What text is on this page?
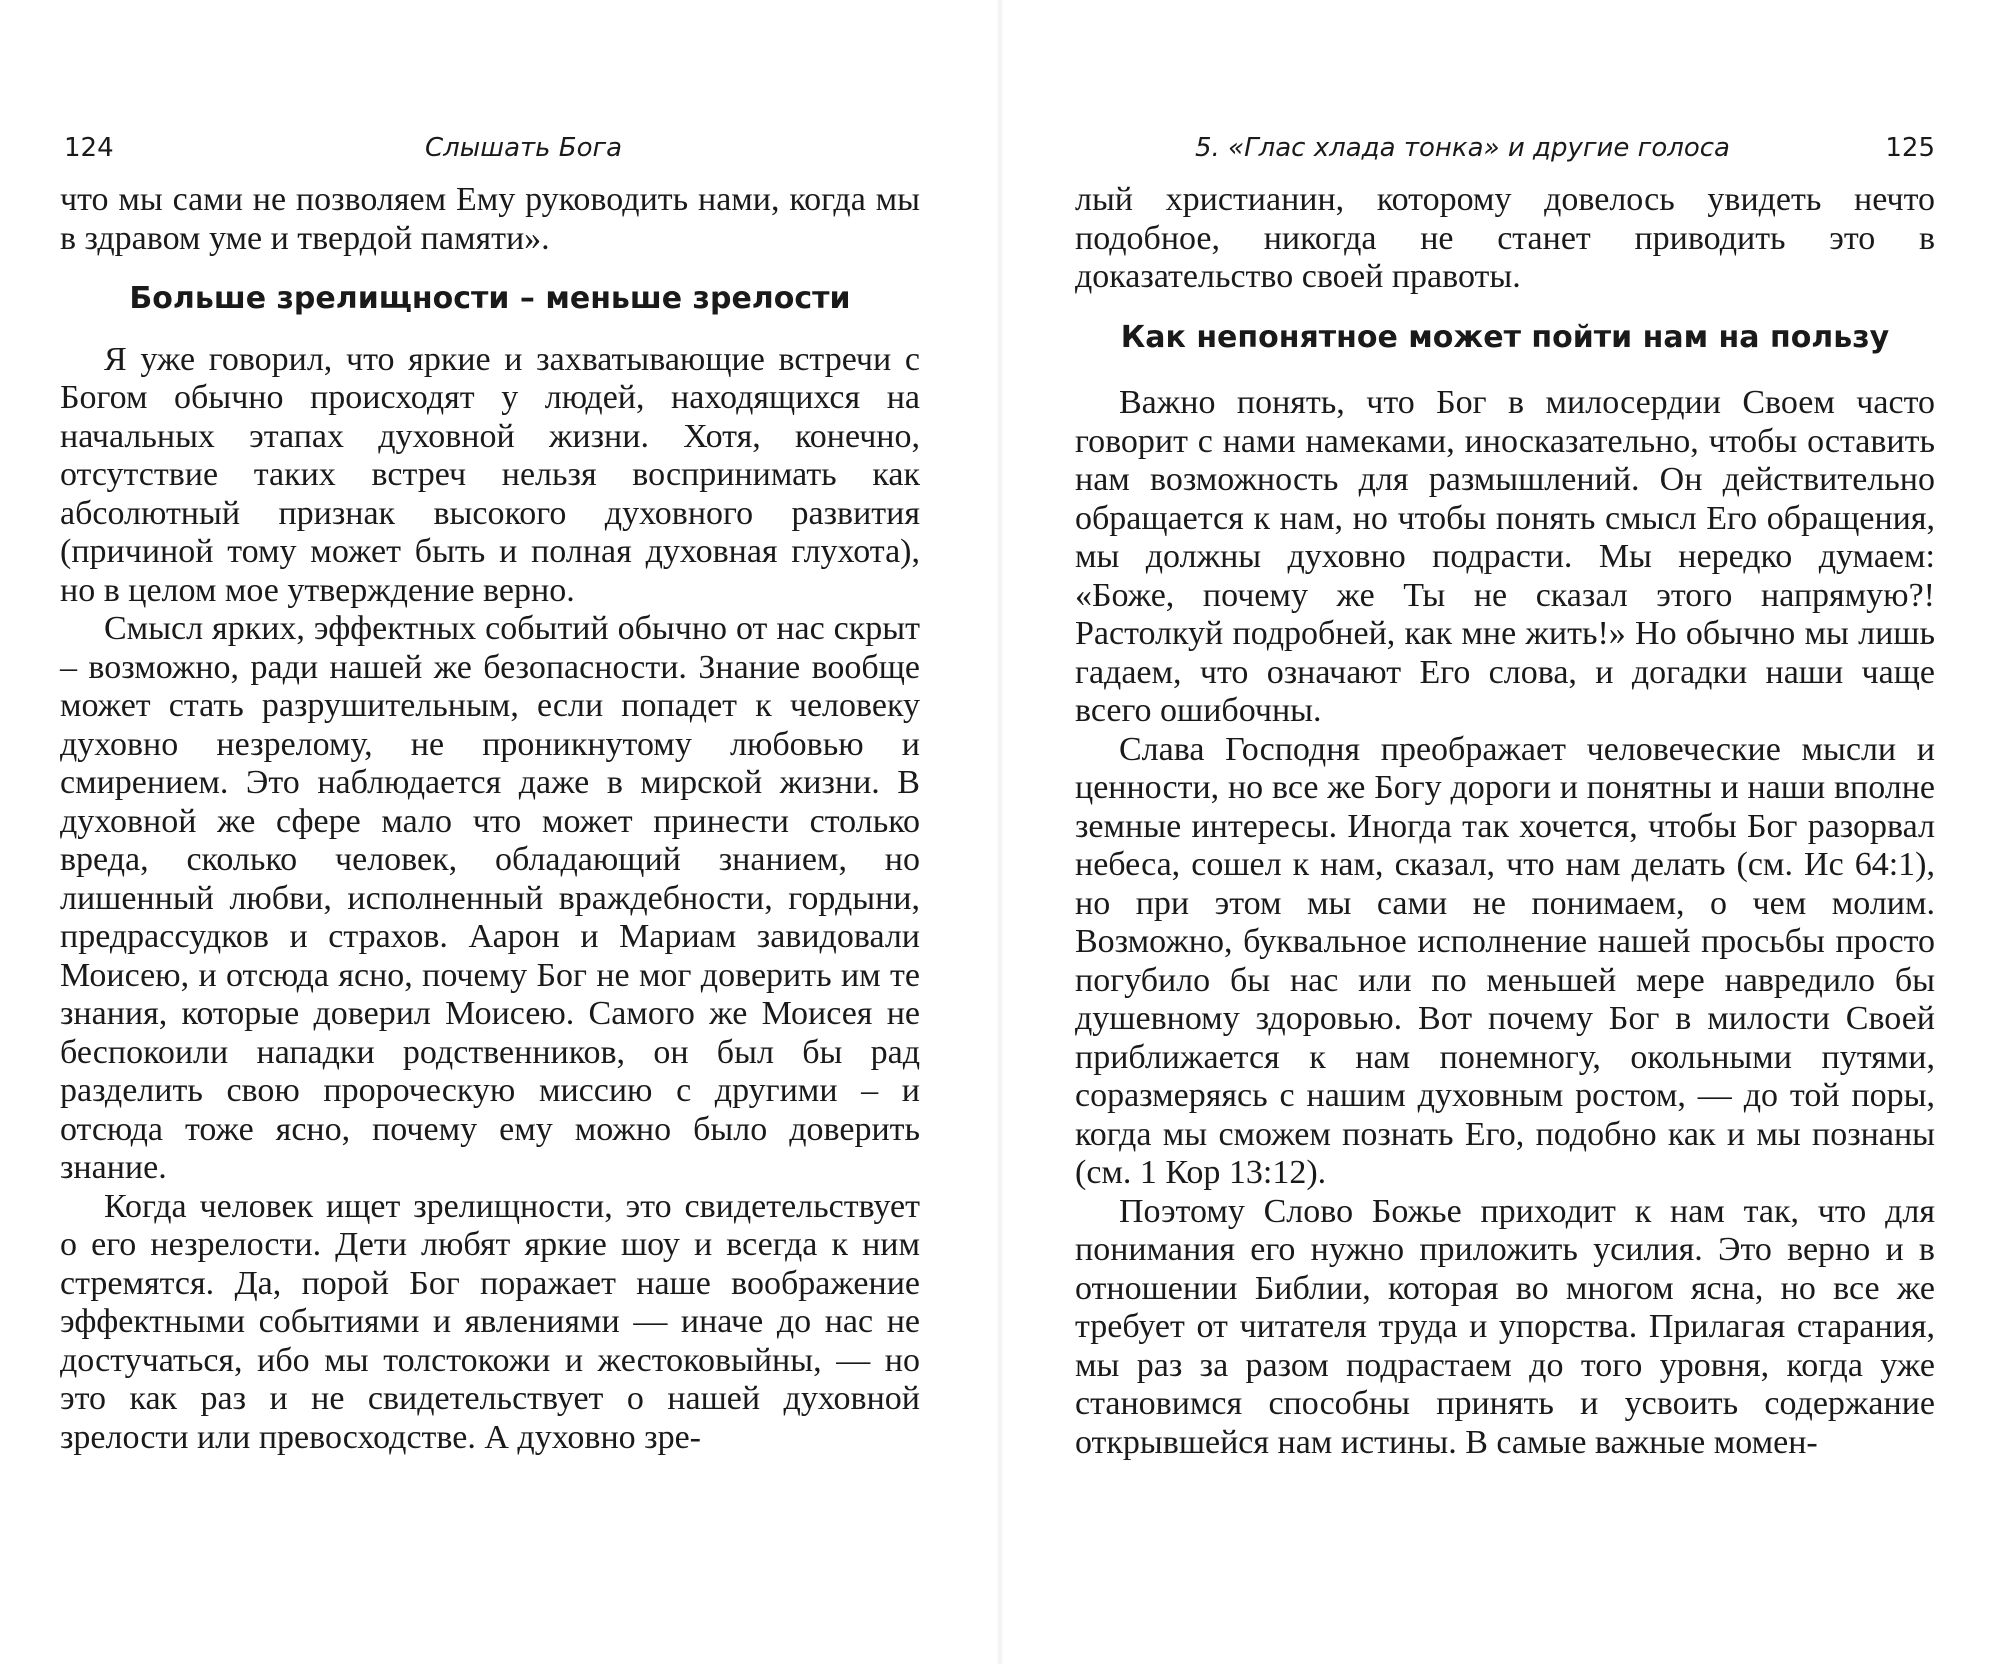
124	Слышать Бога

что мы сами не позволяем Ему руководить нами, когда мы в здравом уме и твердой памяти».

Больше зрелищности – меньше зрелости

Я уже говорил, что яркие и захватывающие встречи с Богом обычно происходят у людей, находящихся на начальных этапах духовной жизни. Хотя, конечно, отсутствие таких встреч нельзя воспринимать как абсолютный признак высокого духовного развития (причиной тому может быть и полная духовная глухота), но в целом мое утверждение верно.

Смысл ярких, эффектных событий обычно от нас скрыт – возможно, ради нашей же безопасности. Знание вообще может стать разрушительным, если попадет к человеку духовно незрелому, не проникнутому любовью и смирением. Это наблюдается даже в мирской жизни. В духовной же сфере мало что может принести столько вреда, сколько человек, обладающий знанием, но лишенный любви, исполненный враждебности, гордыни, предрассудков и страхов. Аарон и Мариам завидовали Моисею, и отсюда ясно, почему Бог не мог доверить им те знания, которые доверил Моисею. Самого же Моисея не беспокоили нападки родственников, он был бы рад разделить свою пророческую миссию с другими – и отсюда тоже ясно, почему ему можно было доверить знание.

Когда человек ищет зрелищности, это свидетельствует о его незрелости. Дети любят яркие шоу и всегда к ним стремятся. Да, порой Бог поражает наше воображение эффектными событиями и явлениями — иначе до нас не достучаться, ибо мы толстокожи и жестоковыйны, — но это как раз и не свидетельствует о нашей духовной зрелости или превосходстве. А духовно зре-

5. «Глас хлада тонка» и другие голоса	125

лый христианин, которому довелось увидеть нечто подобное, никогда не станет приводить это в доказательство своей правоты.

Как непонятное может пойти нам на пользу

Важно понять, что Бог в милосердии Своем часто говорит с нами намеками, иносказательно, чтобы оставить нам возможность для размышлений. Он действительно обращается к нам, но чтобы понять смысл Его обращения, мы должны духовно подрасти. Мы нередко думаем: «Боже, почему же Ты не сказал этого напрямую?! Растолкуй подробней, как мне жить!» Но обычно мы лишь гадаем, что означают Его слова, и догадки наши чаще всего ошибочны.

Слава Господня преображает человеческие мысли и ценности, но все же Богу дороги и понятны и наши вполне земные интересы. Иногда так хочется, чтобы Бог разорвал небеса, сошел к нам, сказал, что нам делать (см. Ис 64:1), но при этом мы сами не понимаем, о чем молим. Возможно, буквальное исполнение нашей просьбы просто погубило бы нас или по меньшей мере навредило бы душевному здоровью. Вот почему Бог в милости Своей приближается к нам понемногу, окольными путями, соразмеряясь с нашим духовным ростом, — до той поры, когда мы сможем познать Его, подобно как и мы познаны (см. 1 Кор 13:12).

Поэтому Слово Божье приходит к нам так, что для понимания его нужно приложить усилия. Это верно и в отношении Библии, которая во многом ясна, но все же требует от читателя труда и упорства. Прилагая старания, мы раз за разом подрастаем до того уровня, когда уже становимся способны принять и усвоить содержание открывшейся нам истины. В самые важные момен-
